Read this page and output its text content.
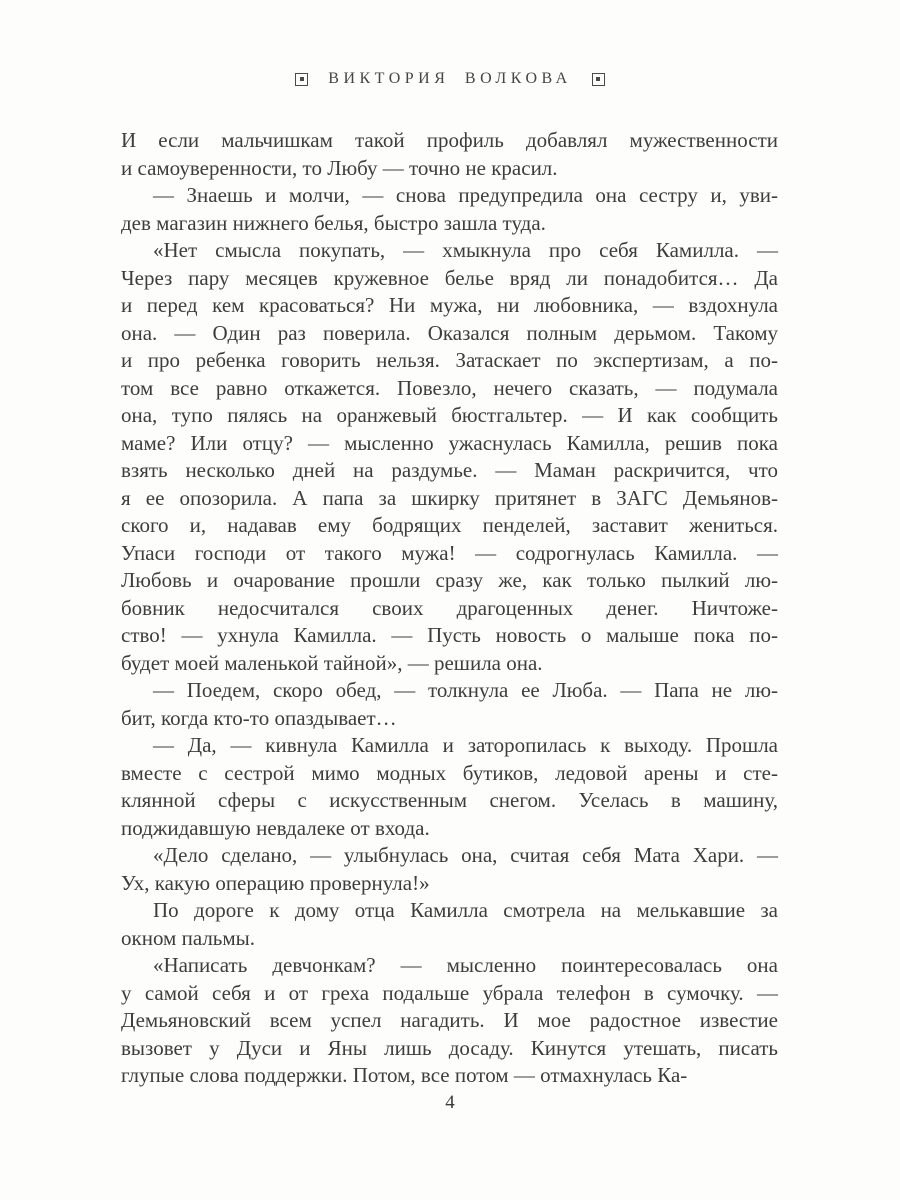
ВИКТОРИЯ ВОЛКОВА
И если мальчишкам такой профиль добавлял мужественности
и самоуверенности, то Любу — точно не красил.
— Знаешь и молчи, — снова предупредила она сестру и, уви-
дев магазин нижнего белья, быстро зашла туда.
«Нет смысла покупать, — хмыкнула про себя Камилла. —
Через пару месяцев кружевное белье вряд ли понадобится… Да
и перед кем красоваться? Ни мужа, ни любовника, — вздохнула
она. — Один раз поверила. Оказался полным дерьмом. Такому
и про ребенка говорить нельзя. Затаскает по экспертизам, а по-
том все равно откажется. Повезло, нечего сказать, — подумала
она, тупо пялясь на оранжевый бюстгальтер. — И как сообщить
маме? Или отцу? — мысленно ужаснулась Камилла, решив пока
взять несколько дней на раздумье. — Маман раскричится, что
я ее опозорила. А папа за шкирку притянет в ЗАГС Демьянов-
ского и, надавав ему бодрящих пенделей, заставит жениться.
Упаси господи от такого мужа! — содрогнулась Камилла. —
Любовь и очарование прошли сразу же, как только пылкий лю-
бовник недосчитался своих драгоценных денег. Ничтоже-
ство! — ухнула Камилла. — Пусть новость о малыше пока по-
будет моей маленькой тайной», — решила она.
— Поедем, скоро обед, — толкнула ее Люба. — Папа не лю-
бит, когда кто-то опаздывает…
— Да, — кивнула Камилла и заторопилась к выходу. Прошла
вместе с сестрой мимо модных бутиков, ледовой арены и сте-
клянной сферы с искусственным снегом. Уселась в машину,
поджидавшую невдалеке от входа.
«Дело сделано, — улыбнулась она, считая себя Мата Хари. —
Ух, какую операцию провернула!»
По дороге к дому отца Камилла смотрела на мелькавшие за
окном пальмы.
«Написать девчонкам? — мысленно поинтересовалась она
у самой себя и от греха подальше убрала телефон в сумочку. —
Демьяновский всем успел нагадить. И мое радостное известие
вызовет у Дуси и Яны лишь досаду. Кинутся утешать, писать
глупые слова поддержки. Потом, все потом — отмахнулась Ка-
4
